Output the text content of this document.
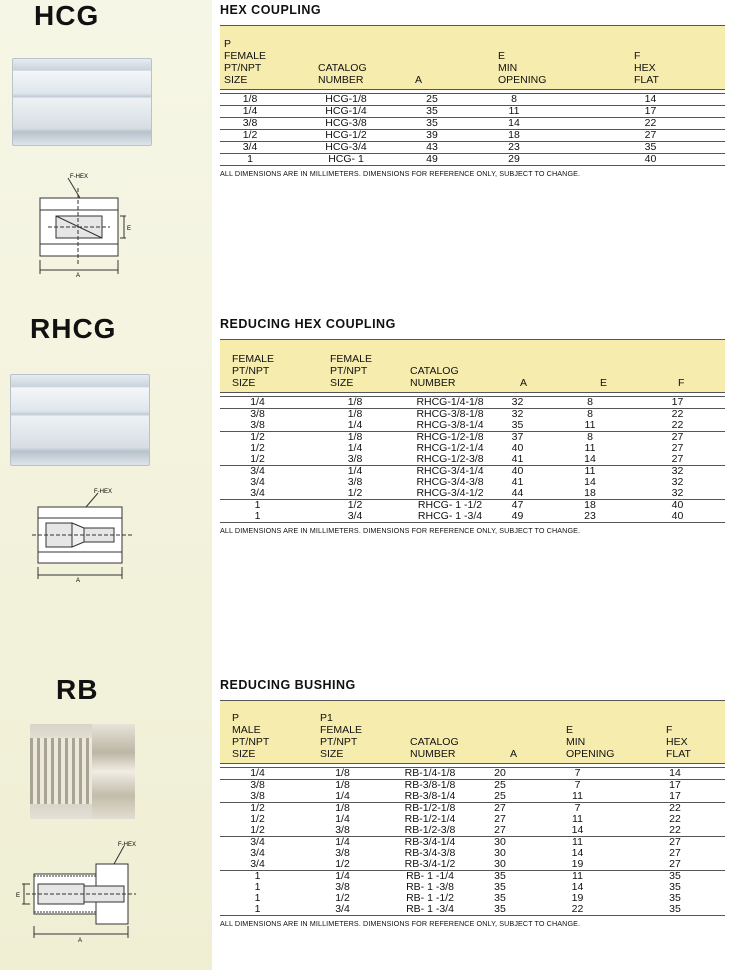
HCG
F-HEX
E
A
HEX COUPLING
P
FEMALE
PT/NPT
SIZE
CATALOG
NUMBER	A
E
MIN
OPENING
F
HEX
FLAT
1/8	HCG-1/8	25	8	14
1/4	HCG-1/4	35	11	17
3/8	HCG-3/8	35	14	22
1/2	HCG-1/2	39	18	27
3/4	HCG-3/4	43	23	35
1	HCG- 1	49	29	40
ALL DIMENSIONS ARE IN MILLIMETERS. DIMENSIONS FOR REFERENCE ONLY, SUBJECT TO CHANGE.
RHCG
F-HEX
A
REDUCING HEX COUPLING
FEMALE
PT/NPT
SIZE
FEMALE
PT/NPT
SIZE
CATALOG
NUMBER	A	E	F
1/4	1/8	RHCG-1/4-1/8	32	8	17
3/8	1/8	RHCG-3/8-1/8	32	8	22
3/8	1/4	RHCG-3/8-1/4	35	11	22
1/2	1/8	RHCG-1/2-1/8	37	8	27
1/2	1/4	RHCG-1/2-1/4	40	11	27
1/2	3/8	RHCG-1/2-3/8	41	14	27
3/4	1/4	RHCG-3/4-1/4	40	11	32
3/4	3/8	RHCG-3/4-3/8	41	14	32
3/4	1/2	RHCG-3/4-1/2	44	18	32
1	1/2	RHCG- 1 -1/2	47	18	40
1	3/4	RHCG- 1 -3/4	49	23	40
ALL DIMENSIONS ARE IN MILLIMETERS. DIMENSIONS FOR REFERENCE ONLY, SUBJECT TO CHANGE.
RB
F-HEX
E
A
REDUCING BUSHING
P
MALE
PT/NPT
SIZE
P1
FEMALE
PT/NPT
SIZE
CATALOG
NUMBER	A
E
MIN
OPENING
F
HEX
FLAT
1/4	1/8	RB-1/4-1/8	20	7	14
3/8	1/8	RB-3/8-1/8	25	7	17
3/8	1/4	RB-3/8-1/4	25	11	17
1/2	1/8	RB-1/2-1/8	27	7	22
1/2	1/4	RB-1/2-1/4	27	11	22
1/2	3/8	RB-1/2-3/8	27	14	22
3/4	1/4	RB-3/4-1/4	30	11	27
3/4	3/8	RB-3/4-3/8	30	14	27
3/4	1/2	RB-3/4-1/2	30	19	27
1	1/4	RB- 1 -1/4	35	11	35
1	3/8	RB- 1 -3/8	35	14	35
1	1/2	RB- 1 -1/2	35	19	35
1	3/4	RB- 1 -3/4	35	22	35
ALL DIMENSIONS ARE IN MILLIMETERS. DIMENSIONS FOR REFERENCE ONLY, SUBJECT TO CHANGE.
